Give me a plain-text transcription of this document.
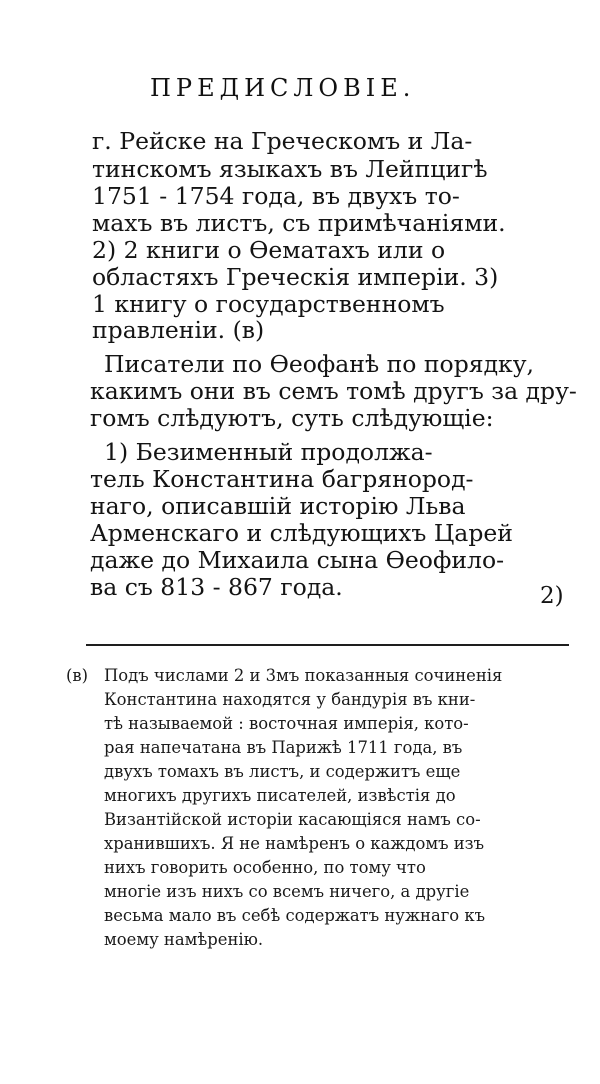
ПРЕДИСЛОВІЕ.
г. Рейске на Греческомъ и Ла-
тинскомъ языкахъ въ Лейпцигѣ
1751 - 1754 года, въ двухъ то-
махъ въ листъ, съ примѣчаніями.
2) 2 книги о Ѳематахъ или о
областяхъ Греческія имперіи. 3)
1 книгу о государственномъ
правленіи. (в)
Писатели по Ѳеофанѣ по порядку,
какимъ они въ семъ томѣ другъ за дру-
гомъ слѣдуютъ, суть слѣдующіе:
1) Безименный продолжа-
тель Константина багрянород-
наго, описавшій исторію Льва
Арменскаго и слѣдующихъ Царей
даже до Михаила сына Ѳеофило-
ва съ 813 - 867 года.	2)
(в) Подъ числами 2 и 3мъ показанныя сочиненія
Константина находятся у бандурія въ кни-
тѣ называемой : восточная имперія, кото-
рая напечатана въ Парижѣ 1711 года, въ
двухъ томахъ въ листъ, и содержитъ еще
многихъ другихъ писателей, извѣстія до
Византійской исторіи касающіяся намъ со-
хранившихъ. Я не намѣренъ о каждомъ изъ
нихъ говорить особенно, по тому что
многіе изъ нихъ со всемъ ничего, а другіе
весьма мало въ себѣ содержатъ нужнаго къ
моему намѣренію.
